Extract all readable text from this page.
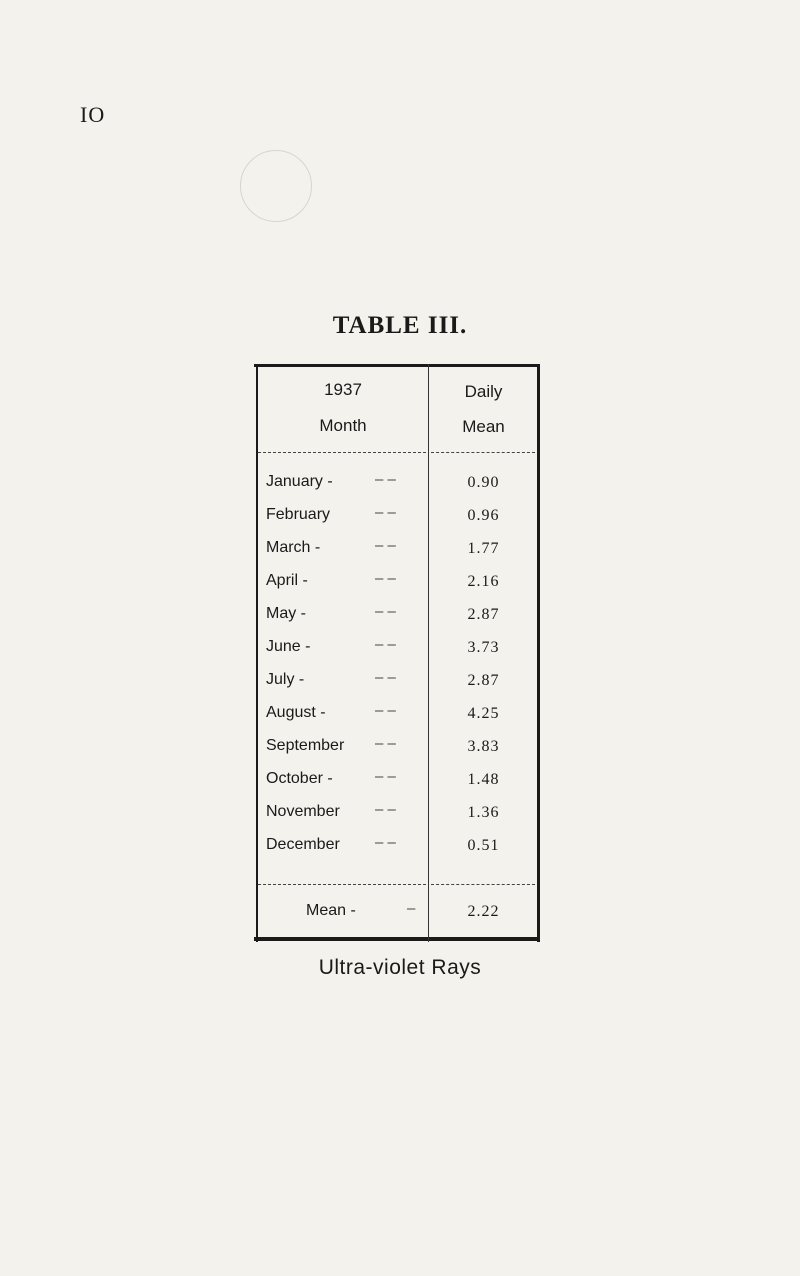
IO
TABLE III.
1937
Month
Daily
Mean
January -	– –	0.90
February	– –	0.96
March -	– –	1.77
April -	– –	2.16
May -	– –	2.87
June -	– –	3.73
July -	– –	2.87
August -	– –	4.25
September – –	3.83
October -	– –	1.48
November – –	1.36
December – –	0.51
Mean -	–	2.22
Ultra-violet Rays
